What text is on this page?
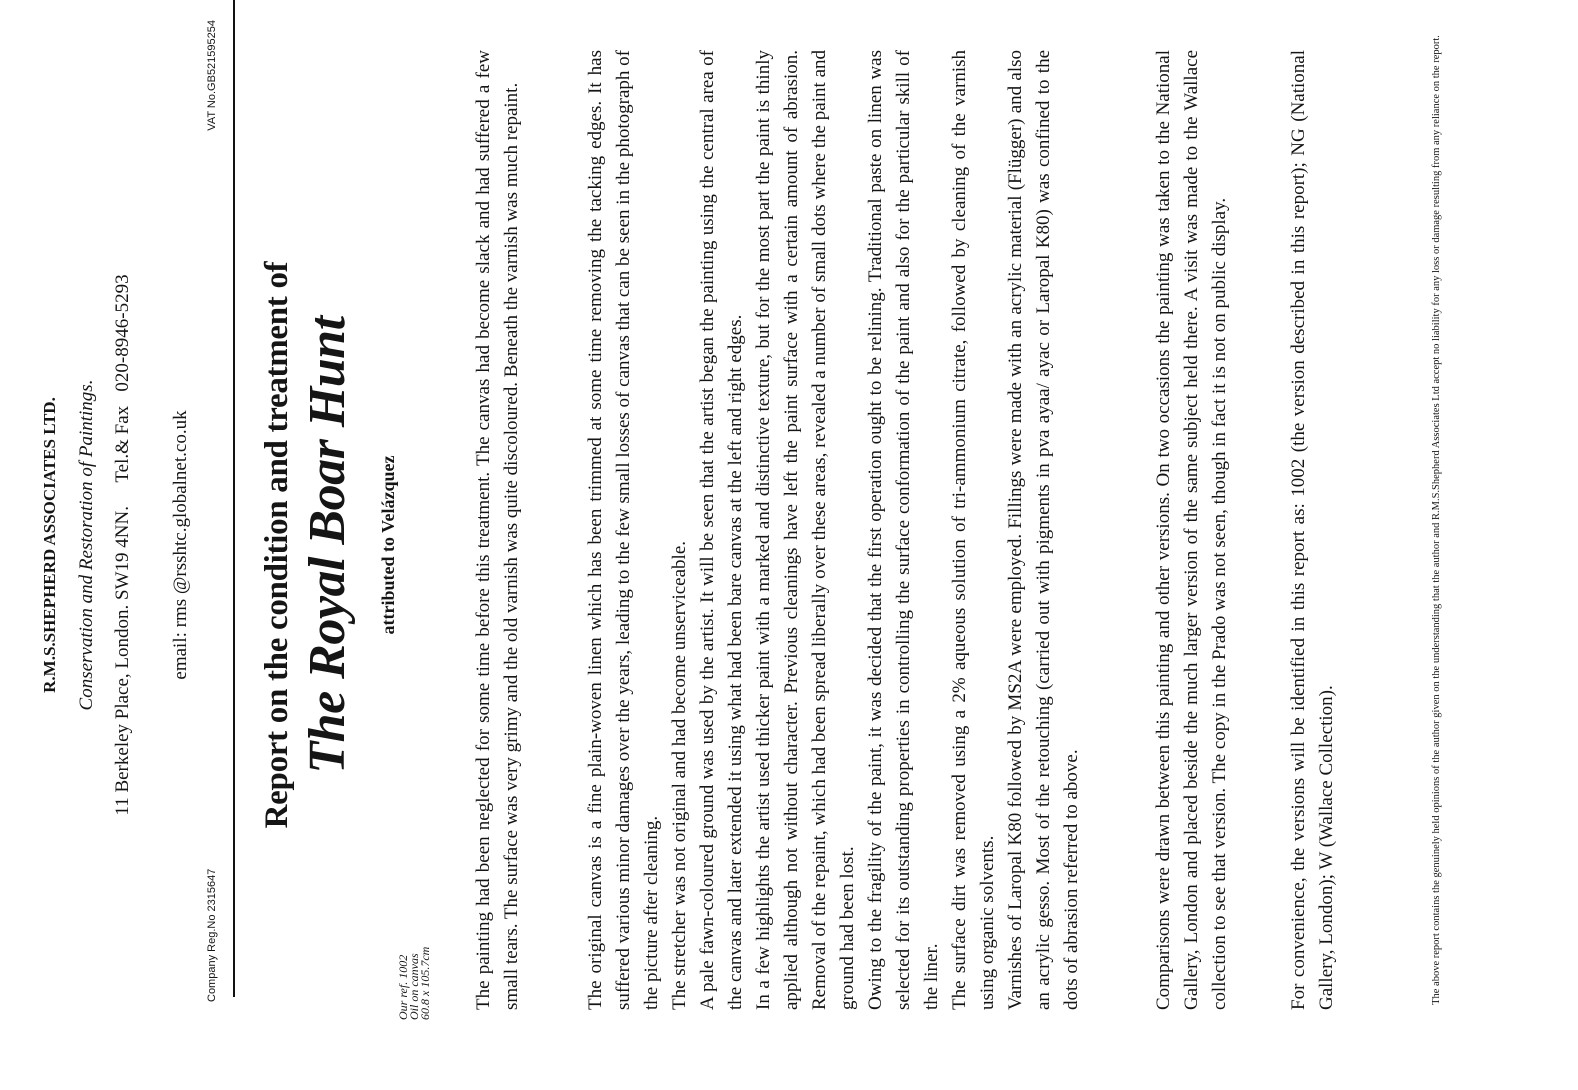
R.M.S.SHEPHERD ASSOCIATES LTD. Conservation and Restoration of Paintings. 11 Berkeley Place, London. SW19 4NN.     Tel.& Fax   020-8946-5293
email: rms @rsshtc.globalnet.co.uk
VAT No.GB521595254
Company Reg.No 2315647
Report on the condition and treatment of The Royal Boar Hunt attributed to Velázquez
Our ref. 1002
Oil on canvas
60.8 x 105.7cm The painting had been neglected for some time before this treatment. The canvas had become slack and had suffered a few small tears. The surface was very grimy and the old varnish was quite discoloured. Beneath the varnish was much repaint.	The original canvas is a fine plain-woven linen which has been trimmed at some time removing the tacking edges. It has suffered various minor damages over the years, leading to the few small losses of canvas that can be seen in the photograph of the picture after cleaning. The stretcher was not original and had become unserviceable. A pale fawn-coloured ground was used by the artist. It will be seen that the artist began the painting using the central area of the canvas and later extended it using what had been bare canvas at the left and right edges. In a few highlights the artist used thicker paint with a marked and distinctive texture, but for the most part the paint is thinly applied although not without character. Previous cleanings have left the paint surface with a certain amount of abrasion. Removal of the repaint, which had been spread liberally over these areas, revealed a number of small dots where the paint and ground had been lost. Owing to the fragility of the paint, it was decided that the first operation ought to be relining. Traditional paste on linen was selected for its outstanding properties in controlling the surface conformation of the paint and also for the particular skill of the liner. The surface dirt was removed using a 2% aqueous solution of tri-ammonium citrate, followed by cleaning of the varnish using organic solvents. Varnishes of Laropal K80 followed by MS2A were employed. Fillings were made with an acrylic material (Flügger) and also an acrylic gesso. Most of the retouching (carried out with pigments in pva ayaa/ ayac or Laropal K80) was confined to the dots of abrasion referred to above.	Comparisons were drawn between this painting and other versions. On two occasions the painting was taken to the National Gallery, London and placed beside the much larger version of the same subject held there. A visit was made to the Wallace collection to see that version. The copy in the Prado was not seen, though in fact it is not on public display.	For convenience, the versions will be identified in this report as: 1002 (the version described in this report); NG (National Gallery, London); W (Wallace Collection).	The above report contains the genuinely held opinions of the author given on the understanding that the author and R.M.S.Shepherd Associates Ltd accept no liability for any loss or damage resulting from any reliance on the report.
